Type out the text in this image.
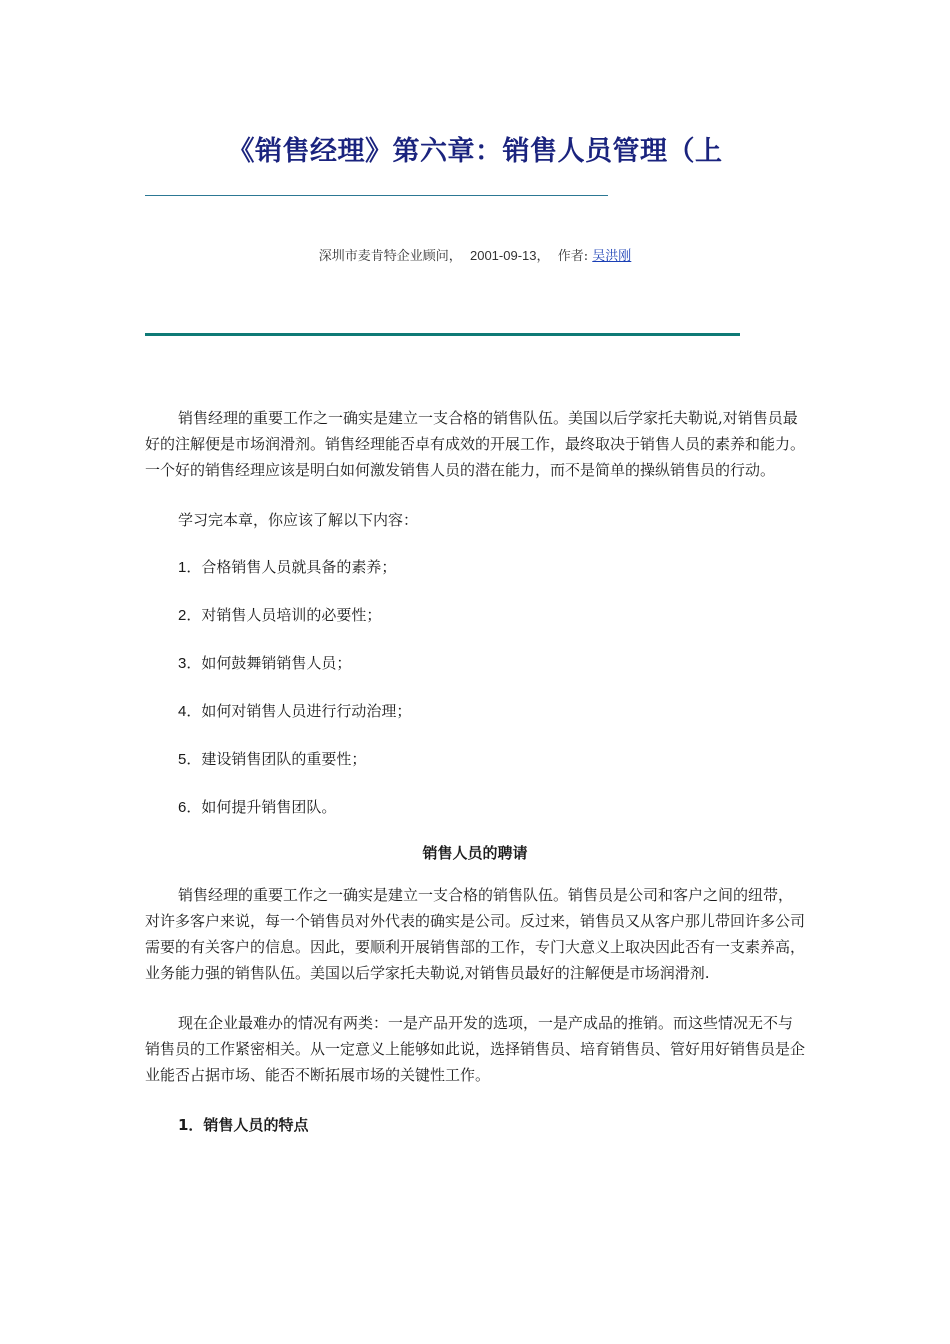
《销售经理》第六章：销售人员管理（上
深圳市麦肯特企业顾问， 2001-09-13， 作者: 吴洪刚

销售经理的重要工作之一确实是建立一支合格的销售队伍。美国以后学家托夫勒说,对销售员最好的注解便是市场润滑剂。销售经理能否卓有成效的开展工作，最终取决于销售人员的素养和能力。一个好的销售经理应该是明白如何激发销售人员的潜在能力，而不是简单的操纵销售员的行动。

学习完本章，你应该了解以下内容：

1．合格销售人员就具备的素养；

2．对销售人员培训的必要性；

3．如何鼓舞销销售人员；

4．如何对销售人员进行行动治理；

5．建设销售团队的重要性；

6．如何提升销售团队。

销售人员的聘请

销售经理的重要工作之一确实是建立一支合格的销售队伍。销售员是公司和客户之间的纽带，对许多客户来说，每一个销售员对外代表的确实是公司。反过来，销售员又从客户那儿带回许多公司需要的有关客户的信息。因此，要顺利开展销售部的工作，专门大意义上取决因此否有一支素养高，业务能力强的销售队伍。美国以后学家托夫勒说,对销售员最好的注解便是市场润滑剂.

现在企业最难办的情况有两类：一是产品开发的选项，一是产成品的推销。而这些情况无不与销售员的工作紧密相关。从一定意义上能够如此说，选择销售员、培育销售员、管好用好销售员是企业能否占据市场、能否不断拓展市场的关键性工作。

1．销售人员的特点
